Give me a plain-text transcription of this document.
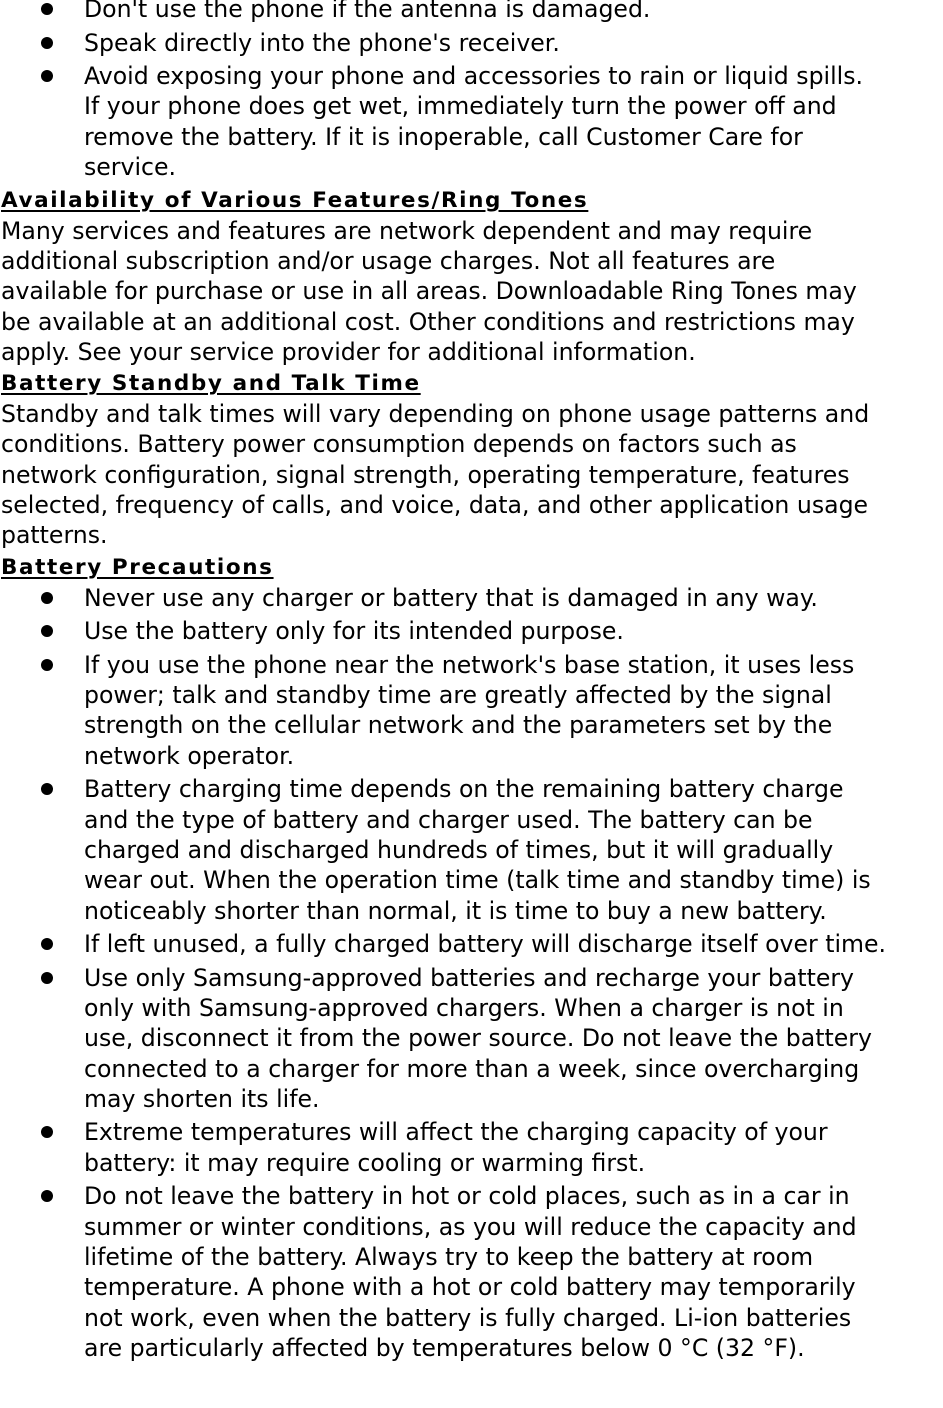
Don't use the phone if the antenna is damaged.
Speak directly into the phone's receiver.
Avoid exposing your phone and accessories to rain or liquid spills.
If your phone does get wet, immediately turn the power off and
remove the battery. If it is inoperable, call Customer Care for
service.
Availability of Various Features/Ring Tones

Many services and features are network dependent and may require

additional subscription and/or usage charges. Not all features are

available for purchase or use in all areas. Downloadable Ring Tones may

be available at an additional cost. Other conditions and restrictions may

apply. See your service provider for additional information.

Battery Standby and Talk Time

Standby and talk times will vary depending on phone usage patterns and

conditions. Battery power consumption depends on factors such as

network configuration, signal strength, operating temperature, features

selected, frequency of calls, and voice, data, and other application usage

patterns.

Battery Precautions
Never use any charger or battery that is damaged in any way.
Use the battery only for its intended purpose.
If you use the phone near the network's base station, it uses less
power; talk and standby time are greatly affected by the signal
strength on the cellular network and the parameters set by the
network operator.
Battery charging time depends on the remaining battery charge
and the type of battery and charger used. The battery can be
charged and discharged hundreds of times, but it will gradually
wear out. When the operation time (talk time and standby time) is
noticeably shorter than normal, it is time to buy a new battery.
If left unused, a fully charged battery will discharge itself over time.
Use only Samsung-approved batteries and recharge your battery
only with Samsung-approved chargers. When a charger is not in
use, disconnect it from the power source. Do not leave the battery
connected to a charger for more than a week, since overcharging
may shorten its life.
Extreme temperatures will affect the charging capacity of your
battery: it may require cooling or warming first.
Do not leave the battery in hot or cold places, such as in a car in
summer or winter conditions, as you will reduce the capacity and
lifetime of the battery. Always try to keep the battery at room
temperature. A phone with a hot or cold battery may temporarily
not work, even when the battery is fully charged. Li-ion batteries
are particularly affected by temperatures below 0 °C (32 °F).
